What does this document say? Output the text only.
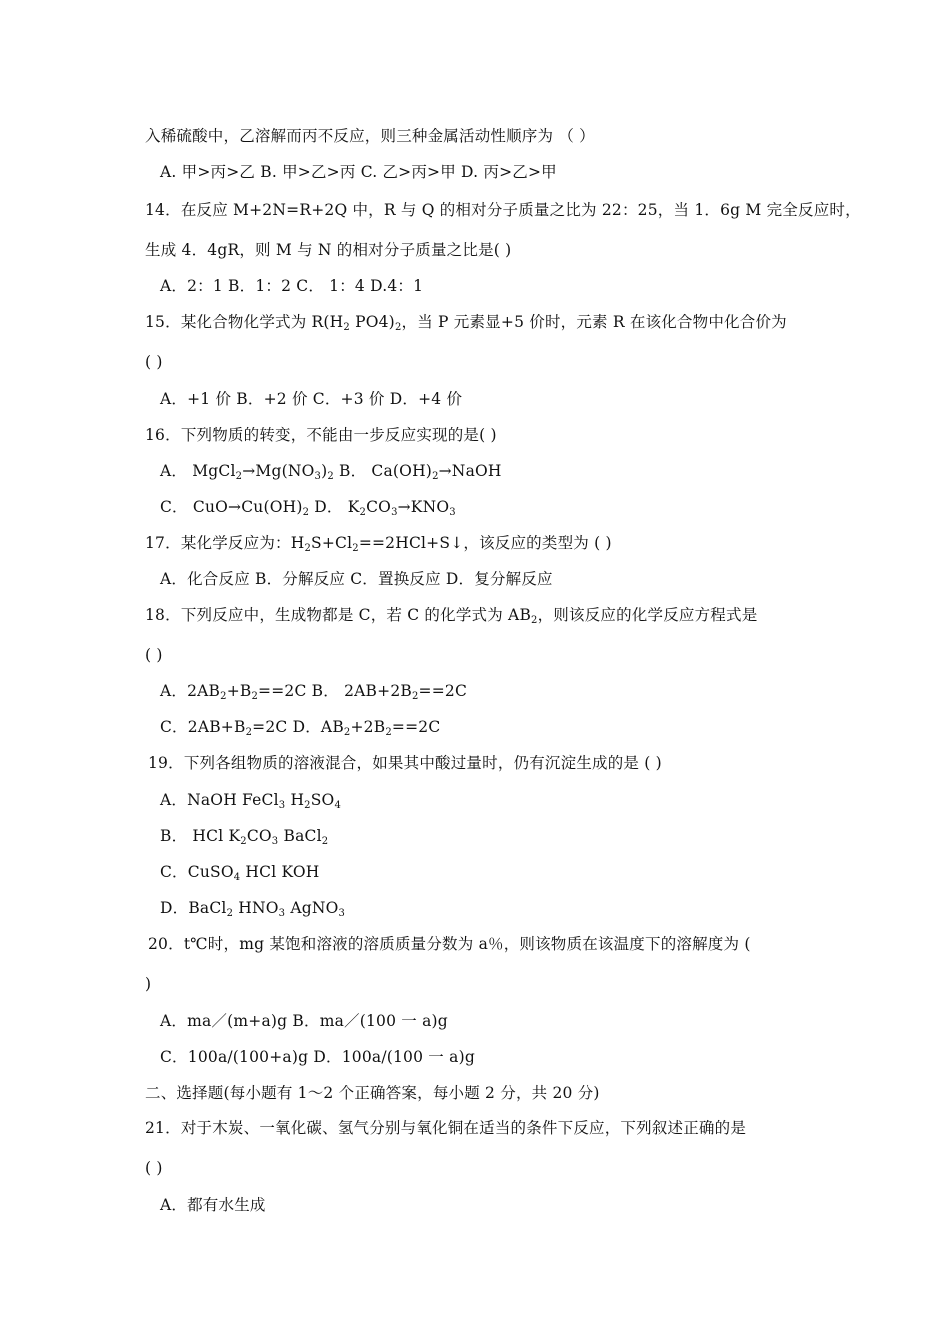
入稀硫酸中，乙溶解而丙不反应，则三种金属活动性顺序为 （ ）
A. 甲>丙>乙 B. 甲>乙>丙 C. 乙>丙>甲 D. 丙>乙>甲
14．在反应 M+2N=R+2Q 中，R 与 Q 的相对分子质量之比为 22：25，当 1．6g M 完全反应时，
生成 4．4gR，则 M 与 N 的相对分子质量之比是( )
A．2：1 B．1：2 C． 1：4 D.4：1
15．某化合物化学式为 $R(H_2$ $PO4)_2$，当 P 元素显+5 价时，元素 R 在该化合物中化合价为
( )
A．+1 价 B．+2 价 C．+3 价 D．+4 价
16．下列物质的转变，不能由一步反应实现的是( )
A． $MgCl_2\to Mg(NO_3)_2$ B． $Ca(OH)_2\to NaOH$
C． $CuO\to Cu(OH)_2$ D． $K_2CO_3\to KNO_3$
17．某化学反应为：$H_2S+Cl_2==2HCl+S↓$，该反应的类型为 ( )
A．化合反应 B．分解反应 C．置换反应 D．复分解反应
18．下列反应中，生成物都是 C，若 C 的化学式为 $AB_2$，则该反应的化学反应方程式是
( )
A．$2AB_2+B_2==2C$ B． $2AB+2B_2==2C$
C．$2AB+B_2=2C$ D．$AB_2+2B_2==2C$
19．下列各组物质的溶液混合，如果其中酸过量时，仍有沉淀生成的是 ( )
A．NaOH FeCl$_3$ $H_2SO_4$
B． HCl $K_2CO_3$ BaCl$_2$
C．CuSO$_4$ HCl KOH
D．BaCl$_2$ $HNO_3$ AgNO$_3$
20．t℃时，mg 某饱和溶液的溶质质量分数为 a％，则该物质在该温度下的溶解度为 (
)
A．ma／(m+a)g B．ma／(100 一 a)g
C．100a/(100+a)g D．100a/(100 一 a)g
二、选择题(每小题有 1～2 个正确答案，每小题 2 分，共 20 分)
21．对于木炭、一氧化碳、氢气分别与氧化铜在适当的条件下反应，下列叙述正确的是
( )
A．都有水生成
